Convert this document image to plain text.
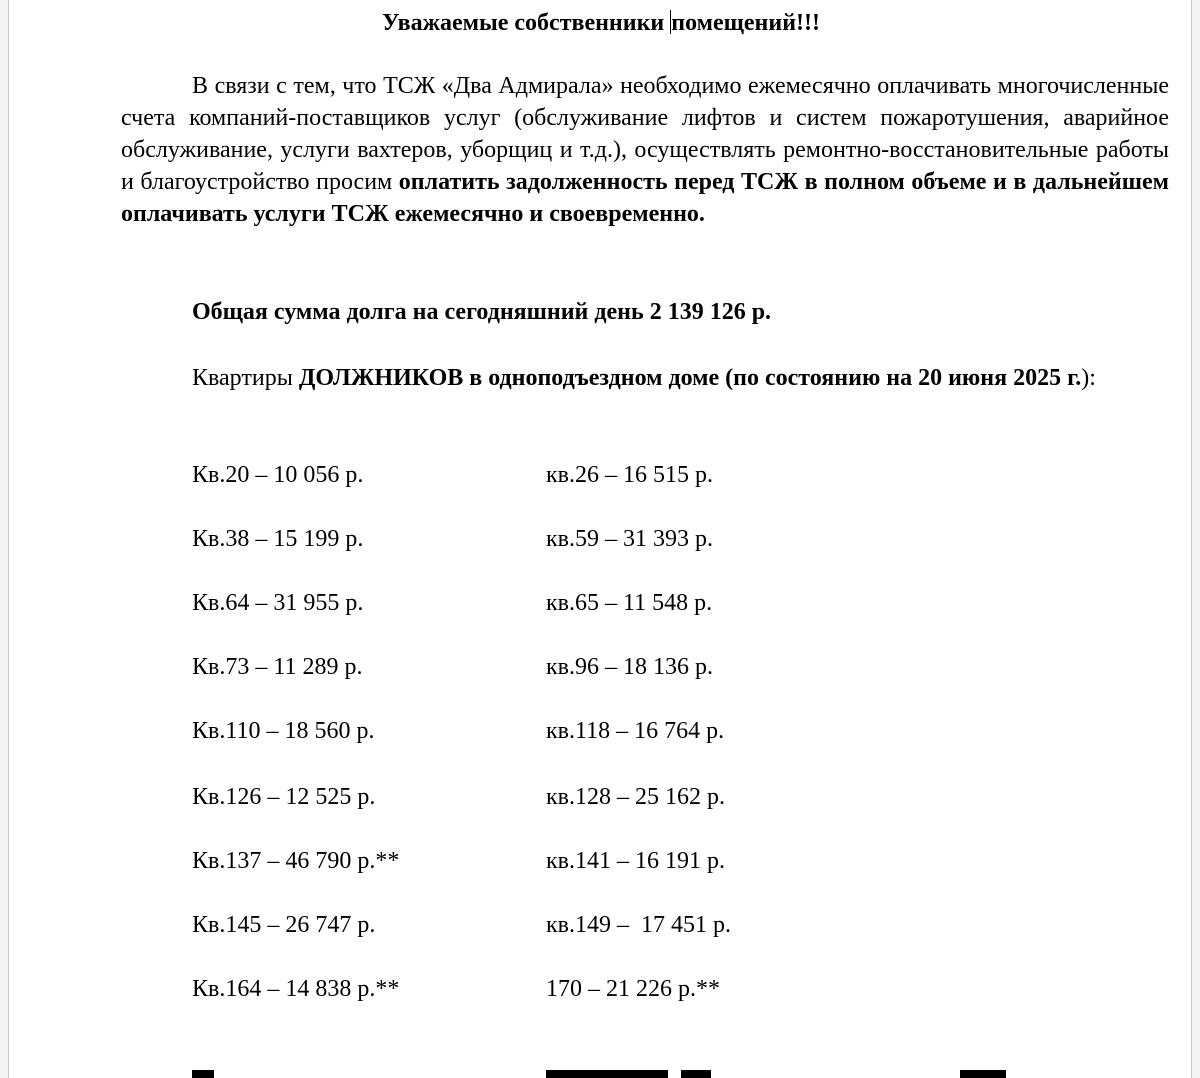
Уважаемые собственники помещений!!!

В связи с тем, что ТСЖ «Два Адмирала» необходимо ежемесячно оплачивать многочисленные счета компаний-поставщиков услуг (обслуживание лифтов и систем пожаротушения, аварийное обслуживание, услуги вахтеров, уборщиц и т.д.), осуществлять ремонтно-восстановительные работы и благоустройство просим оплатить задолженность перед ТСЖ в полном объеме и в дальнейшем оплачивать услуги ТСЖ ежемесячно и своевременно.

Общая сумма долга на сегодняшний день 2 139 126 р.

Квартиры ДОЛЖНИКОВ в одноподъездном доме (по состоянию на 20 июня 2025 г.):

Кв.20 – 10 056 р.	кв.26 – 16 515 р.
Кв.38 – 15 199 р.	кв.59 – 31 393 р.
Кв.64 – 31 955 р.	кв.65 – 11 548 р.
Кв.73 – 11 289 р.	кв.96 – 18 136 р.
Кв.110 – 18 560 р.	кв.118 – 16 764 р.
Кв.126 – 12 525 р.	кв.128 – 25 162 р.
Кв.137 – 46 790 р.**	кв.141 – 16 191 р.
Кв.145 – 26 747 р.	кв.149 –  17 451 р.
Кв.164 – 14 838 р.**	170 – 21 226 р.**
